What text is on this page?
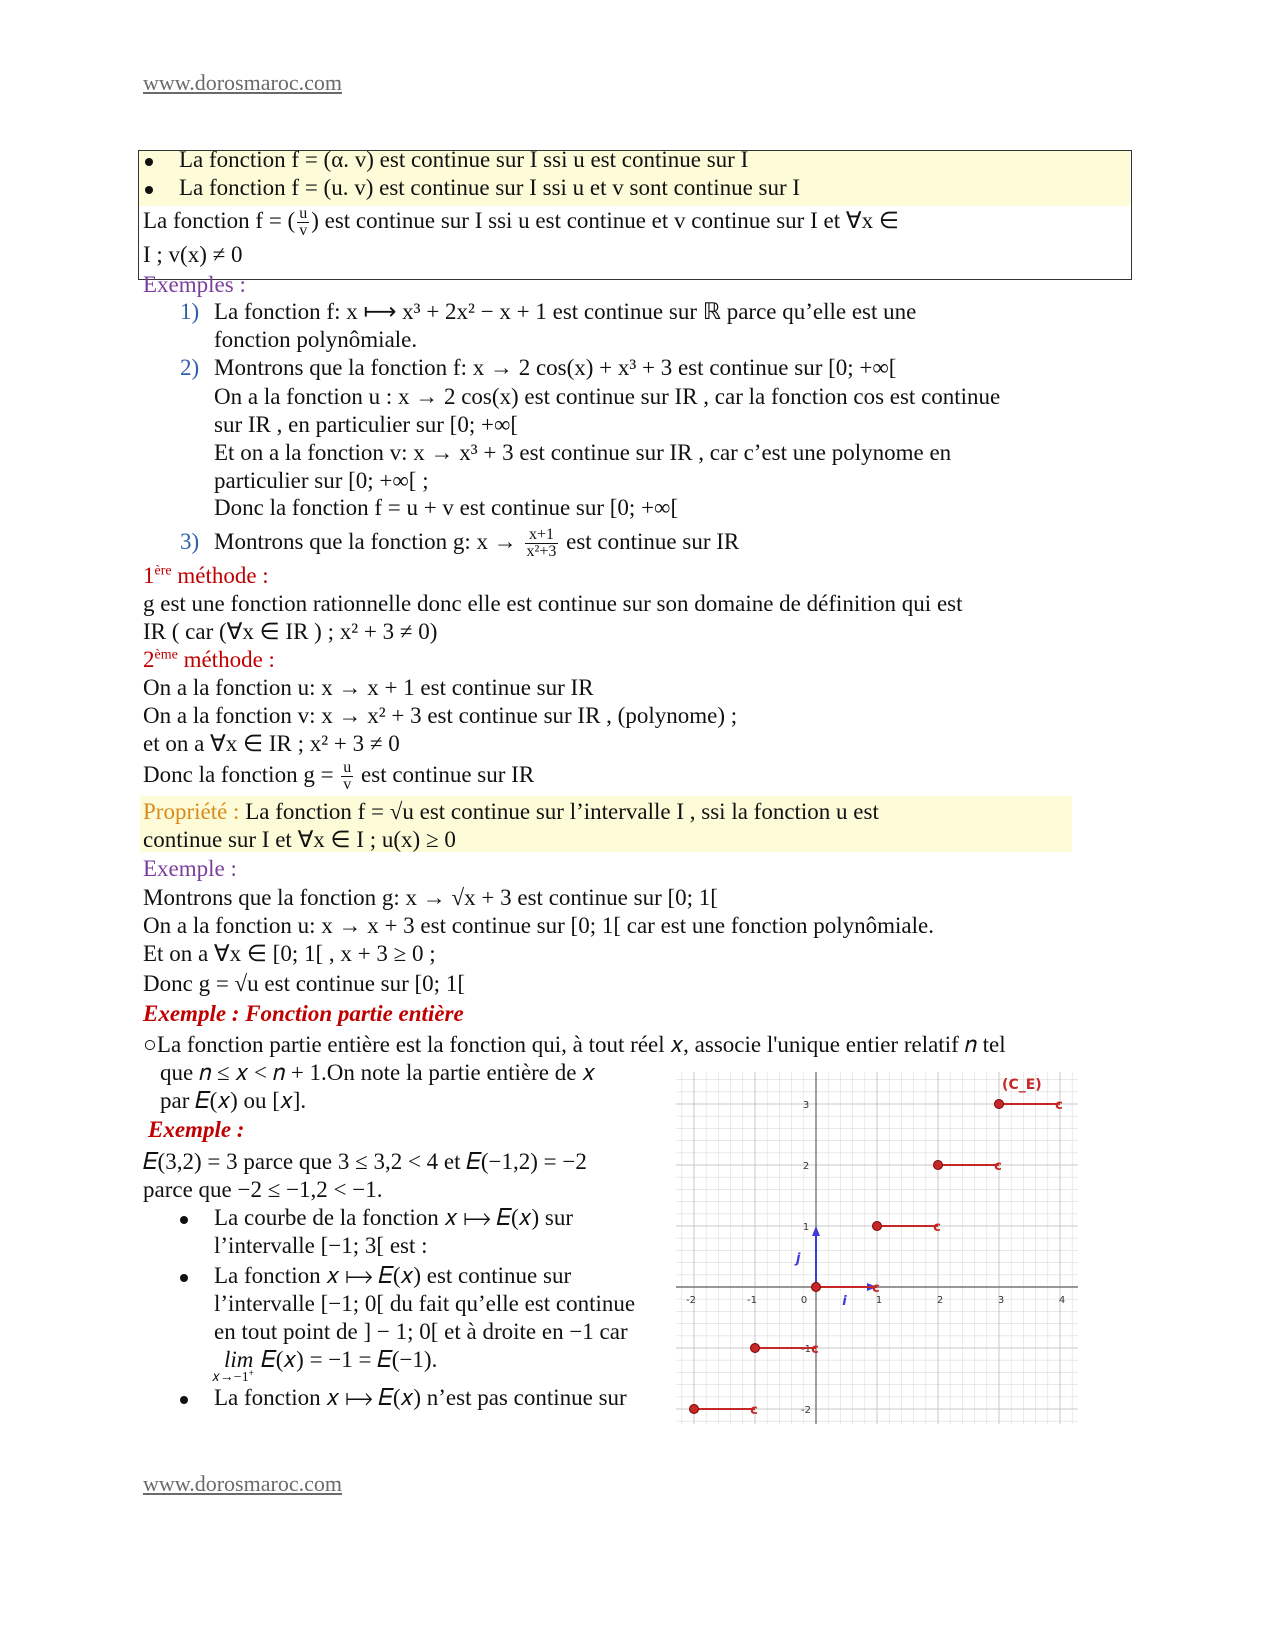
www.dorosmaroc.com
La fonction f = (α. v) est continue sur I ssi u est continue sur I
La fonction f = (u. v) est continue sur I ssi u et v sont continue sur I
La fonction f = ( $\frac{u}{v}$ ) est continue sur I ssi u est continue et v continue sur I et ∀x ∈
I ; v(x) ≠ 0
Exemples :
1) La fonction f: x ⟼ x³ + 2x² − x + 1 est continue sur ℝ parce qu’elle est une
fonction polynômiale.
2) Montrons que la fonction f: x → 2 cos(x) + x³ + 3 est continue sur [0; +∞[
On a la fonction u : x → 2 cos(x) est continue sur IR , car la fonction cos est continue
sur IR , en particulier sur [0; +∞[
Et on a la fonction v: x → x³ + 3 est continue sur IR , car c’est une polynome en
particulier sur [0; +∞[ ;
Donc la fonction f = u + v est continue sur [0; +∞[
3) Montrons que la fonction g: $x \to \frac{x+1}{\text{x²+3}}$ est continue sur IR
1ère méthode :
g est une fonction rationnelle donc elle est continue sur son domaine de définition qui est
IR ( car (∀x ∈ IR ) ; x² + 3 ≠ 0)
2ème méthode :
On a la fonction u: x → x + 1 est continue sur IR
On a la fonction v: x → x² + 3 est continue sur IR , (polynome) ;
et on a ∀x ∈ IR ; x² + 3 ≠ 0
Donc la fonction $g = \frac{u}{v}$ est continue sur IR
Propriété : La fonction f = √u est continue sur l’intervalle I , ssi la fonction u est
continue sur I et ∀x ∈ I ; u(x) ≥ 0
Exemple :
Montrons que la fonction g: x → √x + 3 est continue sur [0; 1[
On a la fonction u: x → x + 3 est continue sur [0; 1[ car est une fonction polynômiale.
Et on a ∀x ∈ [0; 1[ , x + 3 ≥ 0 ;
Donc g = √u est continue sur [0; 1[
Exemple : Fonction partie entière
○La fonction partie entière est la fonction qui, à tout réel 𝑥, associe l'unique entier relatif 𝑛 tel
que 𝑛 ≤ 𝑥 < 𝑛 + 1.On note la partie entière de 𝑥
par 𝐸(𝑥) ou [𝑥].
Exemple :
𝐸(3,2) = 3 parce que 3 ≤ 3,2 < 4 et 𝐸(−1,2) = −2
parce que −2 ≤ −1,2 < −1.
La courbe de la fonction 𝑥 ⟼ 𝐸(𝑥) sur
l’intervalle [−1; 3[ est :
La fonction 𝑥 ⟼ 𝐸(𝑥) est continue sur
l’intervalle [−1; 0[ du fait qu’elle est continue
en tout point de ] − 1; 0[ et à droite en −1 car
lim 𝐸(𝑥) = −1 = 𝐸(−1).
𝑥→−1⁺
La fonction 𝑥 ⟼ 𝐸(𝑥) n’est pas continue sur
-2	-1	0	1	2	3	4
3
2
1
-1
-2
i
j
c
c
c
c
c
c
(C_E)
www.dorosmaroc.com
